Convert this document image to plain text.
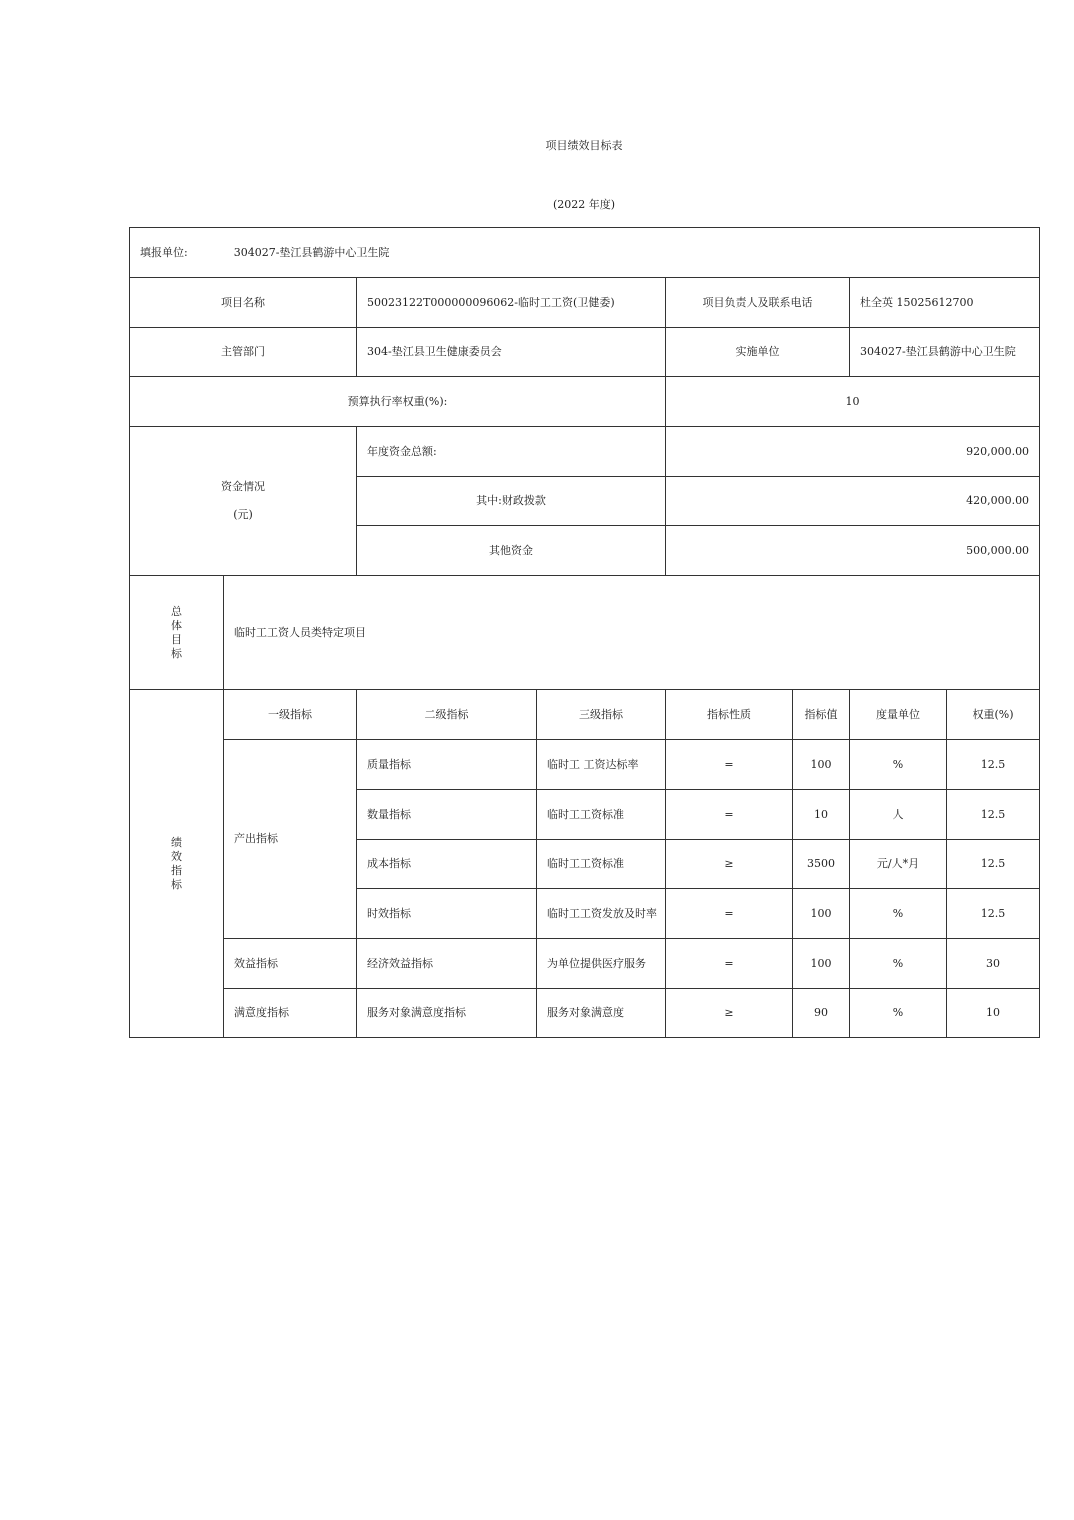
项目绩效目标表
(2022 年度)
填报单位: 304027-垫江县鹤游中心卫生院							
项目名称		50023122T000000096062-临时工工资(卫健委)		项目负责人及联系电话		杜全英 15025612700	
主管部门		304-垫江县卫生健康委员会		实施单位		304027-垫江县鹤游中心卫生院	
预算执行率权重(%):				10			

资金情况
(元)		年度资金总额:		920,000.00			
		其中:财政拨款		420,000.00			
		其他资金		500,000.00			

总
体
目
标	临时工工资人员类特定项目						

绩
效
指
标	一级指标	二级指标	三级指标	指标性质	指标值	度量单位	权重(%)
	产出指标	质量指标	临时工 工资达标率	=	100	%	12.5
		数量指标	临时工工资标准	=	10	人	12.5
		成本指标	临时工工资标准	≥	3500	元/人*月	12.5
		时效指标	临时工工资发放及时率	=	100	%	12.5
	效益指标	经济效益指标	为单位提供医疗服务	=	100	%	30
	满意度指标	服务对象满意度指标	服务对象满意度	≥	90	%	10
